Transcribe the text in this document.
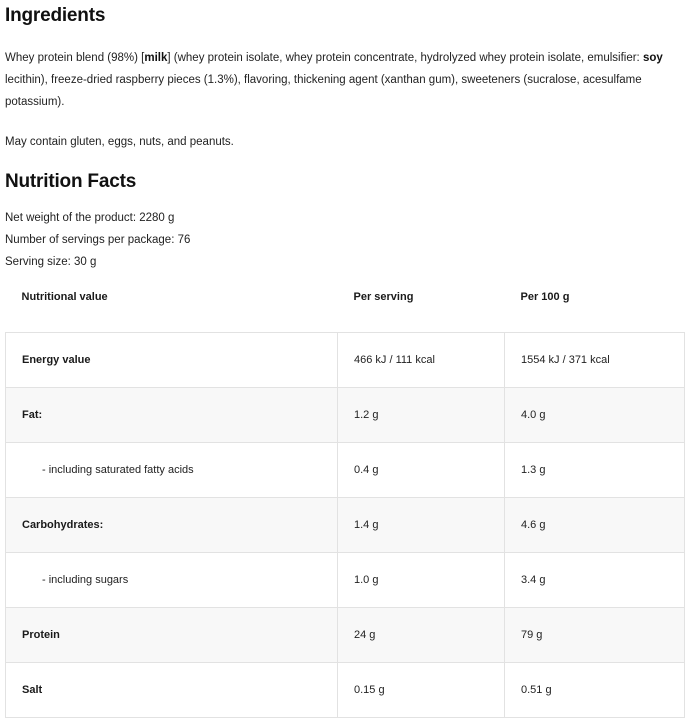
Ingredients

Whey protein blend (98%) [milk] (whey protein isolate, whey protein concentrate, hydrolyzed whey protein isolate, emulsifier: soy lecithin), freeze-dried raspberry pieces (1.3%), flavoring, thickening agent (xanthan gum), sweeteners (sucralose, acesulfame potassium).

May contain gluten, eggs, nuts, and peanuts.

Nutrition Facts
Net weight of the product: 2280 g
Number of servings per package: 76
Serving size: 30 g
Nutritional value	Per serving	Per 100 g
Energy value	466 kJ / 111 kcal	1554 kJ / 371 kcal
Fat:	1.2 g	4.0 g
- including saturated fatty acids	0.4 g	1.3 g
Carbohydrates:	1.4 g	4.6 g
- including sugars	1.0 g	3.4 g
Protein	24 g	79 g
Salt	0.15 g	0.51 g
